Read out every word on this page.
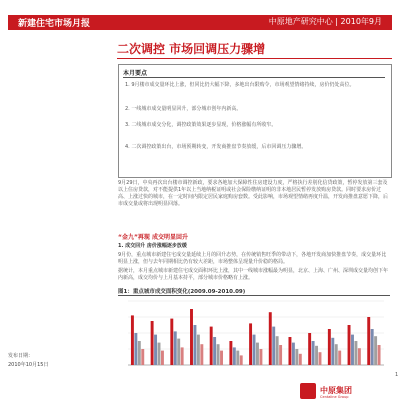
新建住宅市场月报	中原地产研究中心 | 2010年9月
二次调控 市场回调压力骤增
本月要点
1. 9月楼市成交量环比上涨，但同比仍大幅下降，多地出台限购令，市场观望情绪持续，房价仍处高位。
2. 一线城市成交量明显回升，部分城市创年内新高。
3. 二线城市成交分化，调控政策效果逐步显现，价格涨幅有所收窄。
4. 二次调控政策出台，市场预期转变，开发商推盘节奏放缓，后市回调压力骤增。
9月29日，中央再次出台楼市调控新政，要求各地加大保障性住房建设力度，严格执行差别化信贷政策，暂停发放第三套及以上住房贷款，对不能提供1年以上当地纳税证明或社会保险缴纳证明的非本地居民暂停发放购房贷款。同时要求房价过高、上涨过快的城市，在一定时间内限定居民家庭购房套数。受此影响，市场观望情绪再度升温，开发商推盘意愿下降，后市成交量或将出现明显回落。
“金九”再现 成交明显回升
1. 成交回升 房价涨幅逐步放缓
9月份，重点城市新建住宅成交量延续上月的回升态势，在传统销售旺季的带动下，各地开发商加快推盘节奏，成交量环比明显上涨，但与去年同期相比仍有较大差距，市场整体呈现量升价稳的格局。
据统计，本月重点城市新建住宅成交面积环比上涨，其中一线城市涨幅最为明显，北京、上海、广州、深圳成交量均创下年内新高，成交均价与上月基本持平，部分城市价格略有上涨。
图1：重点城市成交面积变化(2009.09-2010.09)
发布日期：
2010年10月15日
中原集团
Centaline Group
1
